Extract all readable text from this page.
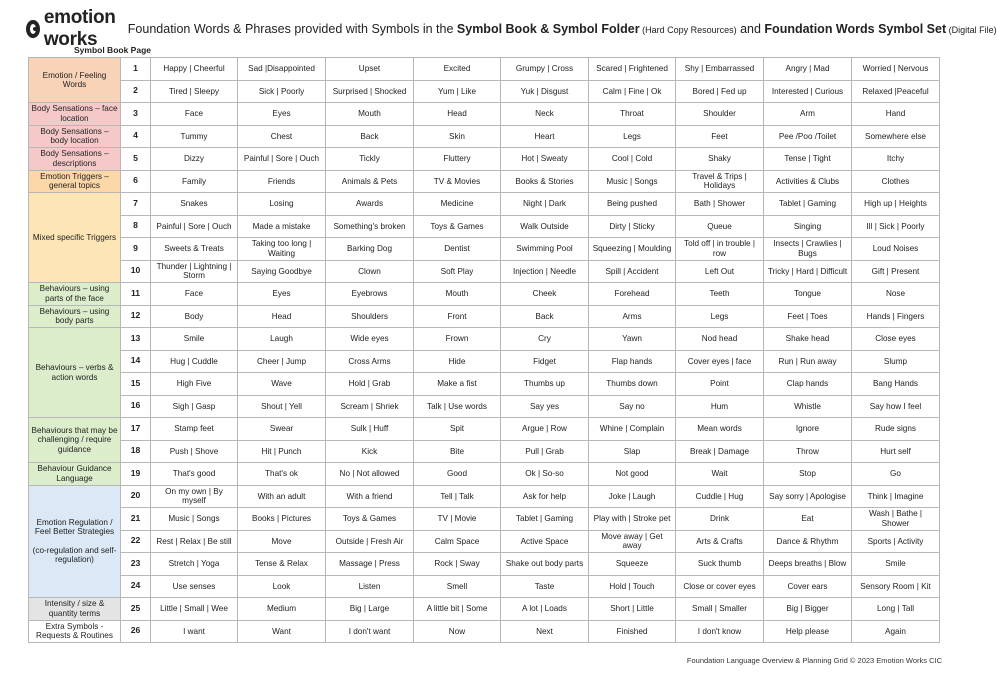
emotion works	Foundation Words & Phrases provided with Symbols in the Symbol Book & Symbol Folder (Hard Copy Resources) and Foundation Words Symbol Set (Digital File)
Symbol Book Page
Emotion / Feeling Words	1	Happy | Cheerful	Sad |Disappointed	Upset	Excited	Grumpy | Cross	Scared | Frightened	Shy | Embarrassed	Angry | Mad	Worried | Nervous
	2	Tired | Sleepy	Sick | Poorly	Surprised | Shocked	Yum | Like	Yuk | Disgust	Calm | Fine | Ok	Bored | Fed up	Interested | Curious	Relaxed |Peaceful
Body Sensations – face location	3	Face	Eyes	Mouth	Head	Neck	Throat	Shoulder	Arm	Hand
Body Sensations – body location	4	Tummy	Chest	Back	Skin	Heart	Legs	Feet	Pee /Poo /Toilet	Somewhere else
Body Sensations – descriptions	5	Dizzy	Painful | Sore | Ouch	Tickly	Fluttery	Hot | Sweaty	Cool | Cold	Shaky	Tense | Tight	Itchy
Emotion Triggers – general topics	6	Family	Friends	Animals & Pets	TV & Movies	Books & Stories	Music | Songs	Travel & Trips | Holidays	Activities & Clubs	Clothes
Mixed specific Triggers	7	Snakes	Losing	Awards	Medicine	Night | Dark	Being pushed	Bath | Shower	Tablet | Gaming	High up | Heights
	8	Painful | Sore | Ouch	Made a mistake	Something's broken	Toys & Games	Walk Outside	Dirty | Sticky	Queue	Singing	Ill | Sick | Poorly
	9	Sweets & Treats	Taking too long | Waiting	Barking Dog	Dentist	Swimming Pool	Squeezing | Moulding	Told off | in trouble | row	Insects | Crawlies | Bugs	Loud Noises
	10	Thunder | Lightning | Storm	Saying Goodbye	Clown	Soft Play	Injection | Needle	Spill | Accident	Left Out	Tricky | Hard | Difficult	Gift | Present
Behaviours – using parts of the face	11	Face	Eyes	Eyebrows	Mouth	Cheek	Forehead	Teeth	Tongue	Nose
Behaviours – using body parts	12	Body	Head	Shoulders	Front	Back	Arms	Legs	Feet | Toes	Hands | Fingers
Behaviours – verbs & action words	13	Smile	Laugh	Wide eyes	Frown	Cry	Yawn	Nod head	Shake head	Close eyes
	14	Hug | Cuddle	Cheer | Jump	Cross Arms	Hide	Fidget	Flap hands	Cover eyes | face	Run | Run away	Slump
	15	High Five	Wave	Hold | Grab	Make a fist	Thumbs up	Thumbs down	Point	Clap hands	Bang Hands
	16	Sigh | Gasp	Shout | Yell	Scream | Shriek	Talk | Use words	Say yes	Say no	Hum	Whistle	Say how I feel
Behaviours that may be challenging / require guidance	17	Stamp feet	Swear	Sulk | Huff	Spit	Argue | Row	Whine | Complain	Mean words	Ignore	Rude signs
	18	Push | Shove	Hit | Punch	Kick	Bite	Pull | Grab	Slap	Break | Damage	Throw	Hurt self
Behaviour Guidance Language	19	That's good	That's ok	No | Not allowed	Good	Ok | So-so	Not good	Wait	Stop	Go
Emotion Regulation / Feel Better Strategies

(co-regulation and self-regulation)	20	On my own | By myself	With an adult	With a friend	Tell | Talk	Ask for help	Joke | Laugh	Cuddle | Hug	Say sorry | Apologise	Think | Imagine
	21	Music | Songs	Books | Pictures	Toys & Games	TV | Movie	Tablet | Gaming	Play with | Stroke pet	Drink	Eat	Wash | Bathe | Shower
	22	Rest | Relax | Be still	Move	Outside | Fresh Air	Calm Space	Active Space	Move away | Get away	Arts & Crafts	Dance & Rhythm	Sports | Activity
	23	Stretch | Yoga	Tense & Relax	Massage | Press	Rock | Sway	Shake out body parts	Squeeze	Suck thumb	Deeps breaths | Blow	Smile
	24	Use senses	Look	Listen	Smell	Taste	Hold | Touch	Close or cover eyes	Cover ears	Sensory Room | Kit
Intensity / size & quantity terms	25	Little | Small | Wee	Medium	Big | Large	A little bit | Some	A lot | Loads	Short | Little	Small | Smaller	Big | Bigger	Long | Tall
Extra Symbols - Requests & Routines	26	I want	Want	I don't want	Now	Next	Finished	I don't know	Help please	Again
Foundation Language Overview & Planning Grid © 2023 Emotion Works CIC
